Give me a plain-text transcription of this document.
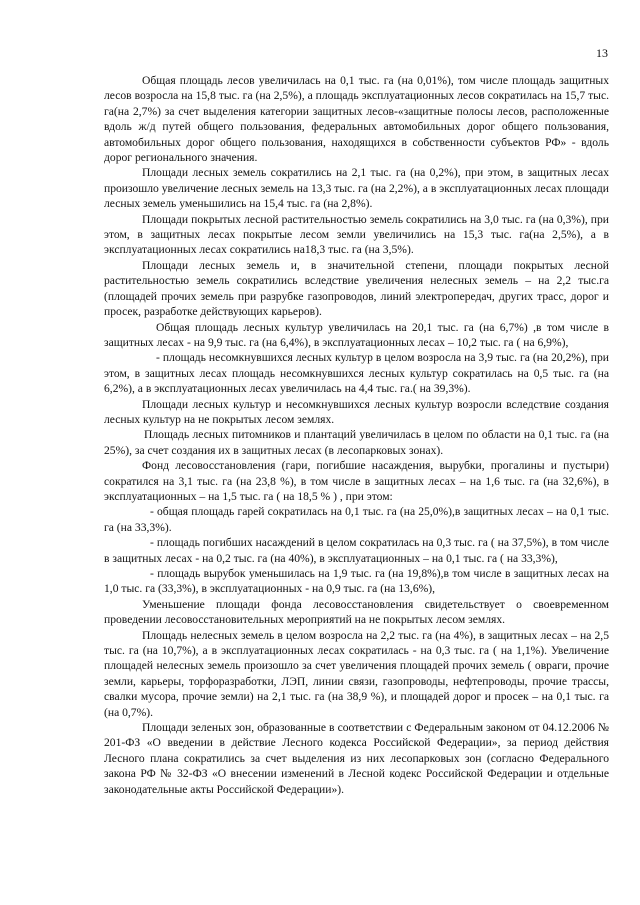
13

Общая площадь лесов увеличилась на 0,1 тыс. га (на 0,01%), том числе площадь защитных лесов возросла на 15,8 тыс. га (на 2,5%), а площадь эксплуатационных лесов сократилась на 15,7 тыс. га(на 2,7%) за счет выделения категории защитных лесов-«защитные полосы лесов, расположенные вдоль ж/д путей общего пользования, федеральных автомобильных дорог общего пользования, автомобильных дорог общего пользования, находящихся в собственности субъектов РФ» - вдоль дорог регионального значения.

Площади лесных земель сократились на 2,1 тыс. га (на 0,2%), при этом, в защитных лесах произошло увеличение лесных земель на 13,3 тыс. га (на 2,2%), а в эксплуатационных лесах площади лесных земель уменьшились на 15,4 тыс. га (на 2,8%).

Площади покрытых лесной растительностью земель сократились на 3,0 тыс. га (на 0,3%), при этом, в защитных лесах покрытые лесом земли увеличились на 15,3 тыс. га(на 2,5%), а в эксплуатационных лесах сократились на18,3 тыс. га (на 3,5%).

Площади лесных земель и, в значительной степени, площади покрытых лесной растительностью земель сократились вследствие увеличения нелесных земель – на 2,2 тыс.га (площадей прочих земель при разрубке газопроводов, линий электропередач, других трасс, дорог и просек, разработке действующих карьеров).

Общая площадь лесных культур увеличилась на 20,1 тыс. га (на 6,7%) ,в том числе в защитных лесах - на 9,9 тыс. га (на 6,4%), в эксплуатационных лесах – 10,2 тыс. га ( на 6,9%),

- площадь несомкнувшихся лесных культур в целом возросла на 3,9 тыс. га (на 20,2%), при этом, в защитных лесах площадь несомкнувшихся лесных культур сократилась на 0,5 тыс. га (на 6,2%), а в эксплуатационных лесах увеличилась на 4,4 тыс. га.( на 39,3%).

Площади лесных культур и несомкнувшихся лесных культур возросли вследствие создания лесных культур на не покрытых лесом землях.

Площадь лесных питомников и плантаций увеличилась в целом по области на 0,1 тыс. га (на 25%), за счет создания их в защитных лесах (в лесопарковых зонах).

Фонд лесовосстановления (гари, погибшие насаждения, вырубки, прогалины и пустыри) сократился на 3,1 тыс. га (на 23,8 %), в том числе в защитных лесах – на 1,6 тыс. га (на 32,6%), в эксплуатационных – на 1,5 тыс. га ( на 18,5 % ) , при этом:

- общая площадь гарей сократилась на 0,1 тыс. га (на 25,0%),в защитных лесах – на 0,1 тыс. га (на 33,3%).

- площадь погибших насаждений в целом сократилась на 0,3 тыс. га ( на 37,5%), в том числе в защитных лесах - на 0,2 тыс. га (на 40%), в эксплуатационных – на 0,1 тыс. га ( на 33,3%),

- площадь вырубок уменьшилась на 1,9 тыс. га (на 19,8%),в том числе в защитных лесах на 1,0 тыс. га (33,3%), в эксплуатационных - на 0,9 тыс. га (на 13,6%),

Уменьшение площади фонда лесовосстановления свидетельствует о своевременном проведении лесовосстановительных мероприятий на не покрытых лесом землях.

Площадь нелесных земель в целом возросла на 2,2 тыс. га (на 4%), в защитных лесах – на 2,5 тыс. га (на 10,7%), а в эксплуатационных лесах сократилась - на 0,3 тыс. га ( на 1,1%). Увеличение площадей нелесных земель произошло за счет увеличения площадей прочих земель ( овраги, прочие земли, карьеры, торфоразработки, ЛЭП, линии связи, газопроводы, нефтепроводы, прочие трассы, свалки мусора, прочие земли) на 2,1 тыс. га (на 38,9 %), и площадей дорог и просек – на 0,1 тыс. га (на 0,7%).

Площади зеленых зон, образованные в соответствии с Федеральным законом от 04.12.2006 № 201-ФЗ «О введении в действие Лесного кодекса Российской Федерации», за период действия Лесного плана сократились за счет выделения из них лесопарковых зон (согласно Федерального закона РФ № 32-ФЗ «О внесении изменений в Лесной кодекс Российской Федерации и отдельные законодательные акты Российской Федерации»).
